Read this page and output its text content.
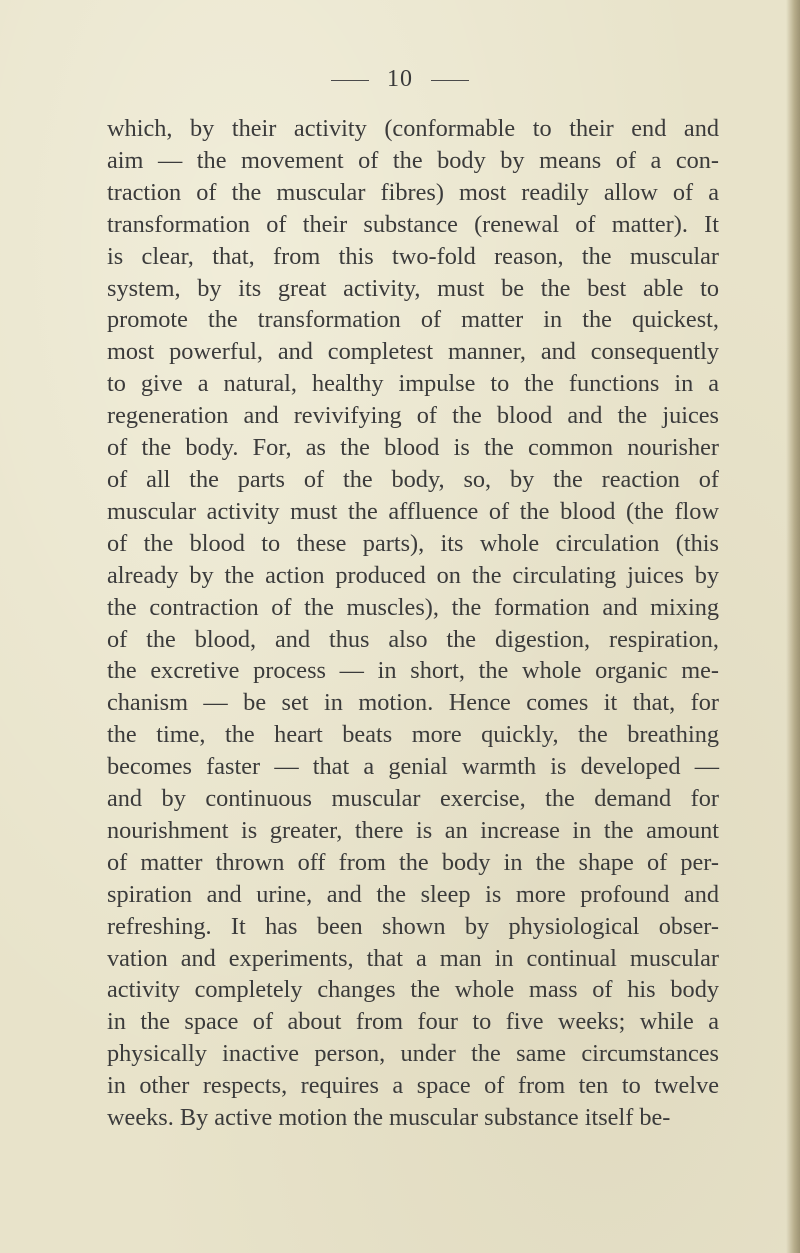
10
which, by their activity (conformable to their end and
aim — the movement of the body by means of a con-
traction of the muscular fibres) most readily allow of a
transformation of their substance (renewal of matter). It
is clear, that, from this two-fold reason, the muscular
system, by its great activity, must be the best able to
promote the transformation of matter in the quickest,
most powerful, and completest manner, and consequently
to give a natural, healthy impulse to the functions in a
regeneration and revivifying of the blood and the juices
of the body. For, as the blood is the common nourisher
of all the parts of the body, so, by the reaction of
muscular activity must the affluence of the blood (the flow
of the blood to these parts), its whole circulation (this
already by the action produced on the circulating juices by
the contraction of the muscles), the formation and mixing
of the blood, and thus also the digestion, respiration,
the excretive process — in short, the whole organic me-
chanism — be set in motion. Hence comes it that, for
the time, the heart beats more quickly, the breathing
becomes faster — that a genial warmth is developed —
and by continuous muscular exercise, the demand for
nourishment is greater, there is an increase in the amount
of matter thrown off from the body in the shape of per-
spiration and urine, and the sleep is more profound and
refreshing. It has been shown by physiological obser-
vation and experiments, that a man in continual muscular
activity completely changes the whole mass of his body
in the space of about from four to five weeks; while a
physically inactive person, under the same circumstances
in other respects, requires a space of from ten to twelve
weeks. By active motion the muscular substance itself be-
